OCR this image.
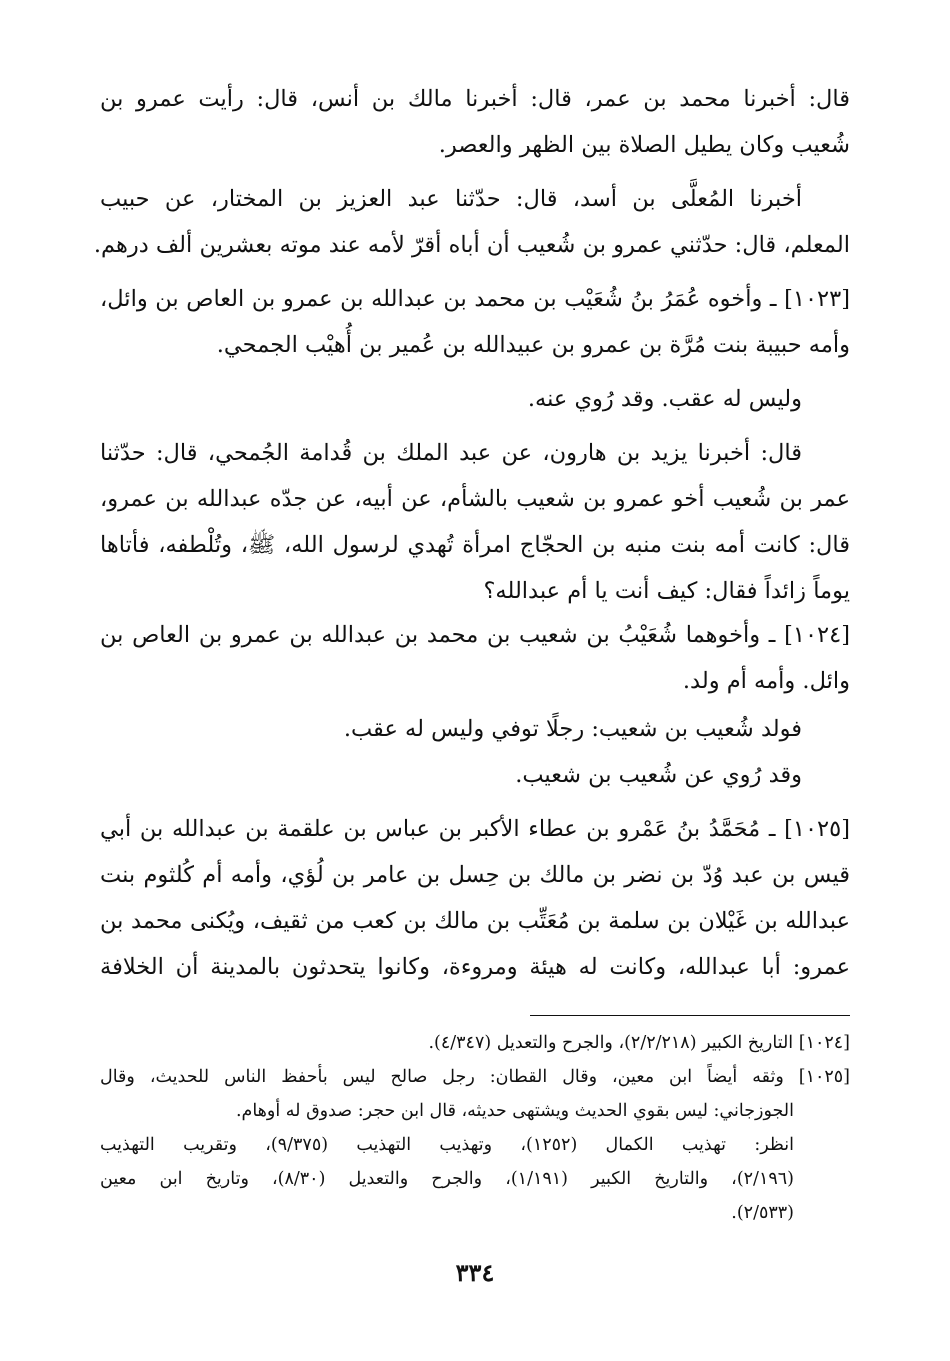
قال: أخبرنا محمد بن عمر، قال: أخبرنا مالك بن أنس، قال: رأيت عمرو بن
شُعيب وكان يطيل الصلاة بين الظهر والعصر.
أخبرنا المُعلَّى بن أسد، قال: حدّثنا عبد العزيز بن المختار، عن حبيب
المعلم، قال: حدّثني عمرو بن شُعيب أن أباه أقرّ لأمه عند موته بعشرين ألف درهم.
[١٠٢٣] ـ وأخوه عُمَرُ بنُ شُعَيْب بن محمد بن عبدالله بن عمرو بن العاص بن وائل،
وأمه حبيبة بنت مُرَّة بن عمرو بن عبيدالله بن عُمير بن أُهيْب الجمحي.
وليس له عقب. وقد رُوي عنه.
قال: أخبرنا يزيد بن هارون، عن عبد الملك بن قُدامة الجُمحي، قال: حدّثنا
عمر بن شُعيب أخو عمرو بن شعيب بالشأم، عن أبيه، عن جدّه عبدالله بن عمرو،
قال: كانت أمه بنت منبه بن الحجّاج امرأة تُهدي لرسول الله، ﷺ، وتُلْطفه، فأتاها
يوماً زائداً فقال: كيف أنت يا أم عبدالله؟
[١٠٢٤] ـ وأخوهما شُعَيْبُ بن شعيب بن محمد بن عبدالله بن عمرو بن العاص بن
وائل. وأمه أم ولد.
فولد شُعيب بن شعيب: رجلًا توفي وليس له عقب.
وقد رُوي عن شُعيب بن شعيب.
[١٠٢٥] ـ مُحَمَّدُ بنُ عَمْرو بن عطاء الأكبر بن عباس بن علقمة بن عبدالله بن أبي
قيس بن عبد وُدّ بن نضر بن مالك بن حِسل بن عامر بن لُؤي، وأمه أم كُلثوم بنت
عبدالله بن غَيْلان بن سلمة بن مُعَتِّب بن مالك بن كعب من ثقيف، ويُكنى محمد بن
عمرو: أبا عبدالله، وكانت له هيئة ومروءة، وكانوا يتحدثون بالمدينة أن الخلافة
[١٠٢٤] التاريخ الكبير (٢/٢/٢١٨)، والجرح والتعديل (٤/٣٤٧).
[١٠٢٥] وثقه أيضاً ابن معين، وقال القطان: رجل صالح ليس بأحفظ الناس للحديث، وقال
الجوزجاني: ليس بقوي الحديث ويشتهى حديثه، قال ابن حجر: صدوق له أوهام.
انظر: تهذيب الكمال (١٢٥٢)، وتهذيب التهذيب (٩/٣٧٥)، وتقريب التهذيب
(٢/١٩٦)، والتاريخ الكبير (١/١٩١)، والجرح والتعديل (٨/٣٠)، وتاريخ ابن معين
(٢/٥٣٣).
٣٣٤
